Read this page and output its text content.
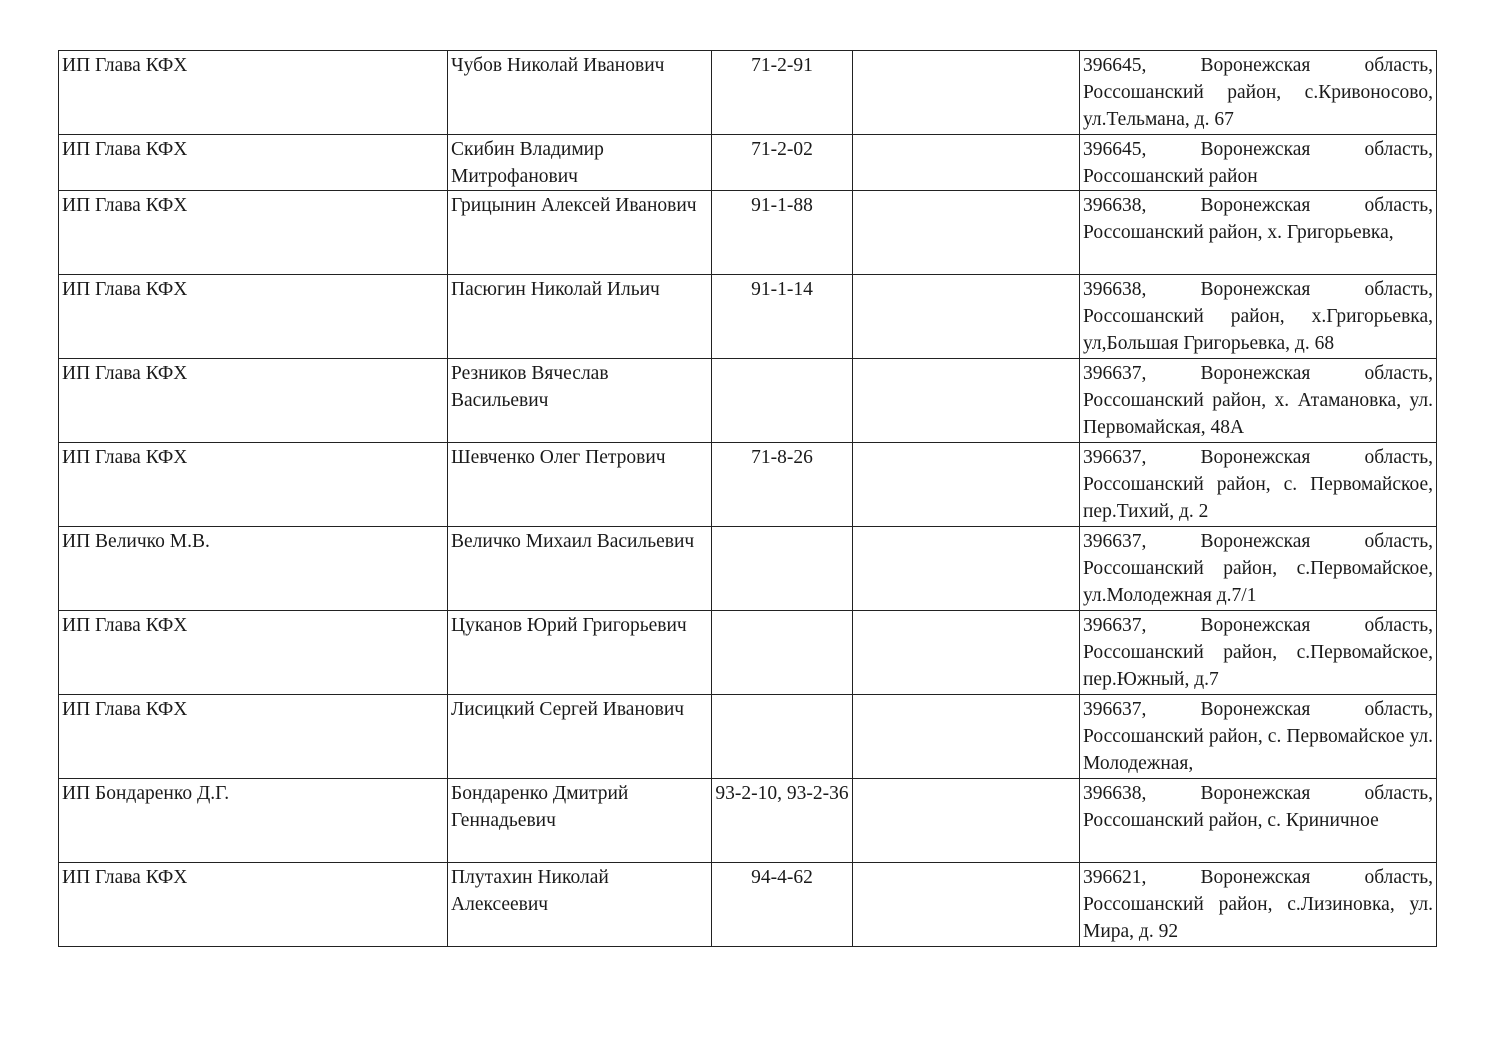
ИП Глава КФХ	Чубов Николай Иванович	71-2-91		396645, Воронежская область, Россошанский район, с.Кривоносово, ул.Тельмана, д. 67
ИП Глава КФХ	Скибин Владимир Митрофанович	71-2-02		396645, Воронежская область, Россошанский район
ИП Глава КФХ	Грицынин Алексей Иванович	91-1-88		396638, Воронежская область, Россошанский район, х. Григорьевка,
ИП Глава КФХ	Пасюгин Николай Ильич	91-1-14		396638, Воронежская область, Россошанский район, х.Григорьевка, ул,Большая Григорьевка, д. 68
ИП Глава КФХ	Резников Вячеслав Васильевич			396637, Воронежская область, Россошанский район, х. Атамановка, ул. Первомайская, 48А
ИП Глава КФХ	Шевченко Олег Петрович	71-8-26		396637, Воронежская область, Россошанский район, с. Первомайское, пер.Тихий, д. 2
ИП Величко М.В.	Величко Михаил Васильевич			396637, Воронежская область, Россошанский район, с.Первомайское, ул.Молодежная д.7/1
ИП Глава КФХ	Цуканов Юрий Григорьевич			396637, Воронежская область, Россошанский район, с.Первомайское, пер.Южный, д.7
ИП Глава КФХ	Лисицкий Сергей Иванович			396637, Воронежская область, Россошанский район, с. Первомайское ул. Молодежная,
ИП Бондаренко Д.Г.	Бондаренко Дмитрий Геннадьевич	93-2-10, 93-2-36		396638, Воронежская область, Россошанский район, с. Криничное
ИП Глава КФХ	Плутахин Николай Алексеевич	94-4-62		396621, Воронежская область, Россошанский район, с.Лизиновка, ул. Мира, д. 92
